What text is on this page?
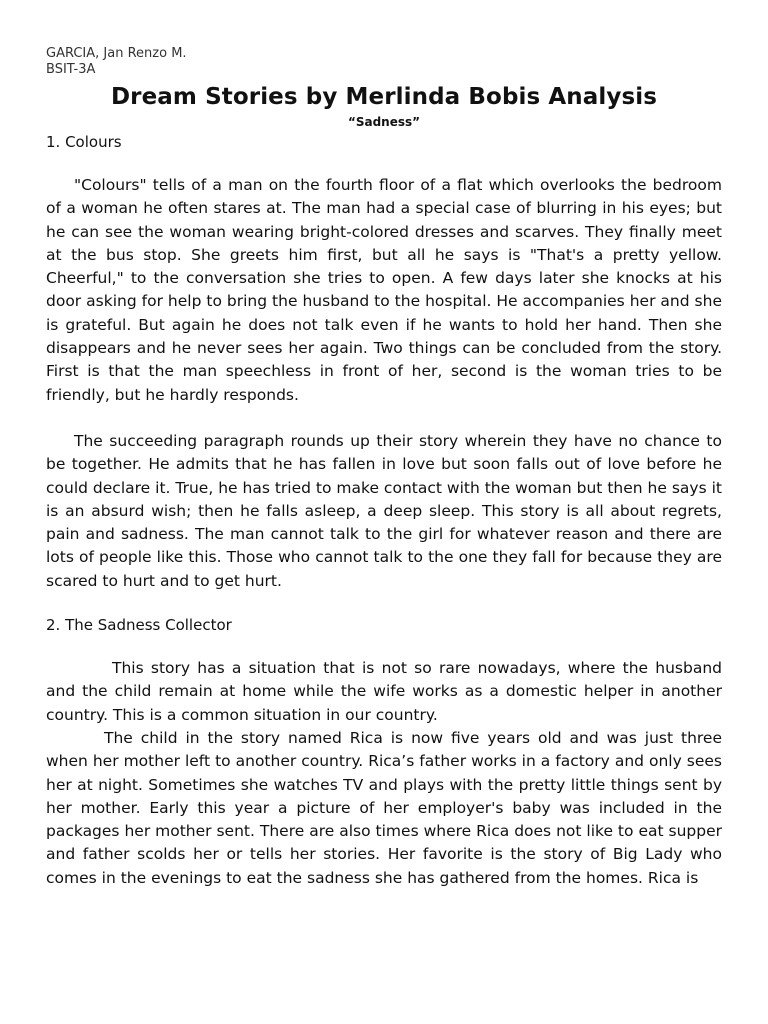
GARCIA, Jan Renzo M.
BSIT-3A
Dream Stories by Merlinda Bobis Analysis
“Sadness”
1. Colours

"Colours" tells of a man on the fourth floor of a flat which overlooks the bedroom of a woman he often stares at. The man had a special case of blurring in his eyes; but he can see the woman wearing bright-colored dresses and scarves. They finally meet at the bus stop. She greets him first, but all he says is "That's a pretty yellow. Cheerful," to the conversation she tries to open. A few days later she knocks at his door asking for help to bring the husband to the hospital. He accompanies her and she is grateful. But again he does not talk even if he wants to hold her hand. Then she disappears and he never sees her again. Two things can be concluded from the story. First is that the man speechless in front of her, second is the woman tries to be friendly, but he hardly responds.

The succeeding paragraph rounds up their story wherein they have no chance to be together. He admits that he has fallen in love but soon falls out of love before he could declare it. True, he has tried to make contact with the woman but then he says it is an absurd wish; then he falls asleep, a deep sleep. This story is all about regrets, pain and sadness. The man cannot talk to the girl for whatever reason and there are lots of people like this. Those who cannot talk to the one they fall for because they are scared to hurt and to get hurt.

2. The Sadness Collector

This story has a situation that is not so rare nowadays, where the husband and the child remain at home while the wife works as a domestic helper in another country. This is a common situation in our country.

The child in the story named Rica is now five years old and was just three when her mother left to another country. Rica’s father works in a factory and only sees her at night. Sometimes she watches TV and plays with the pretty little things sent by her mother. Early this year a picture of her employer's baby was included in the packages her mother sent. There are also times where Rica does not like to eat supper and father scolds her or tells her stories. Her favorite is the story of Big Lady who comes in the evenings to eat the sadness she has gathered from the homes. Rica is
